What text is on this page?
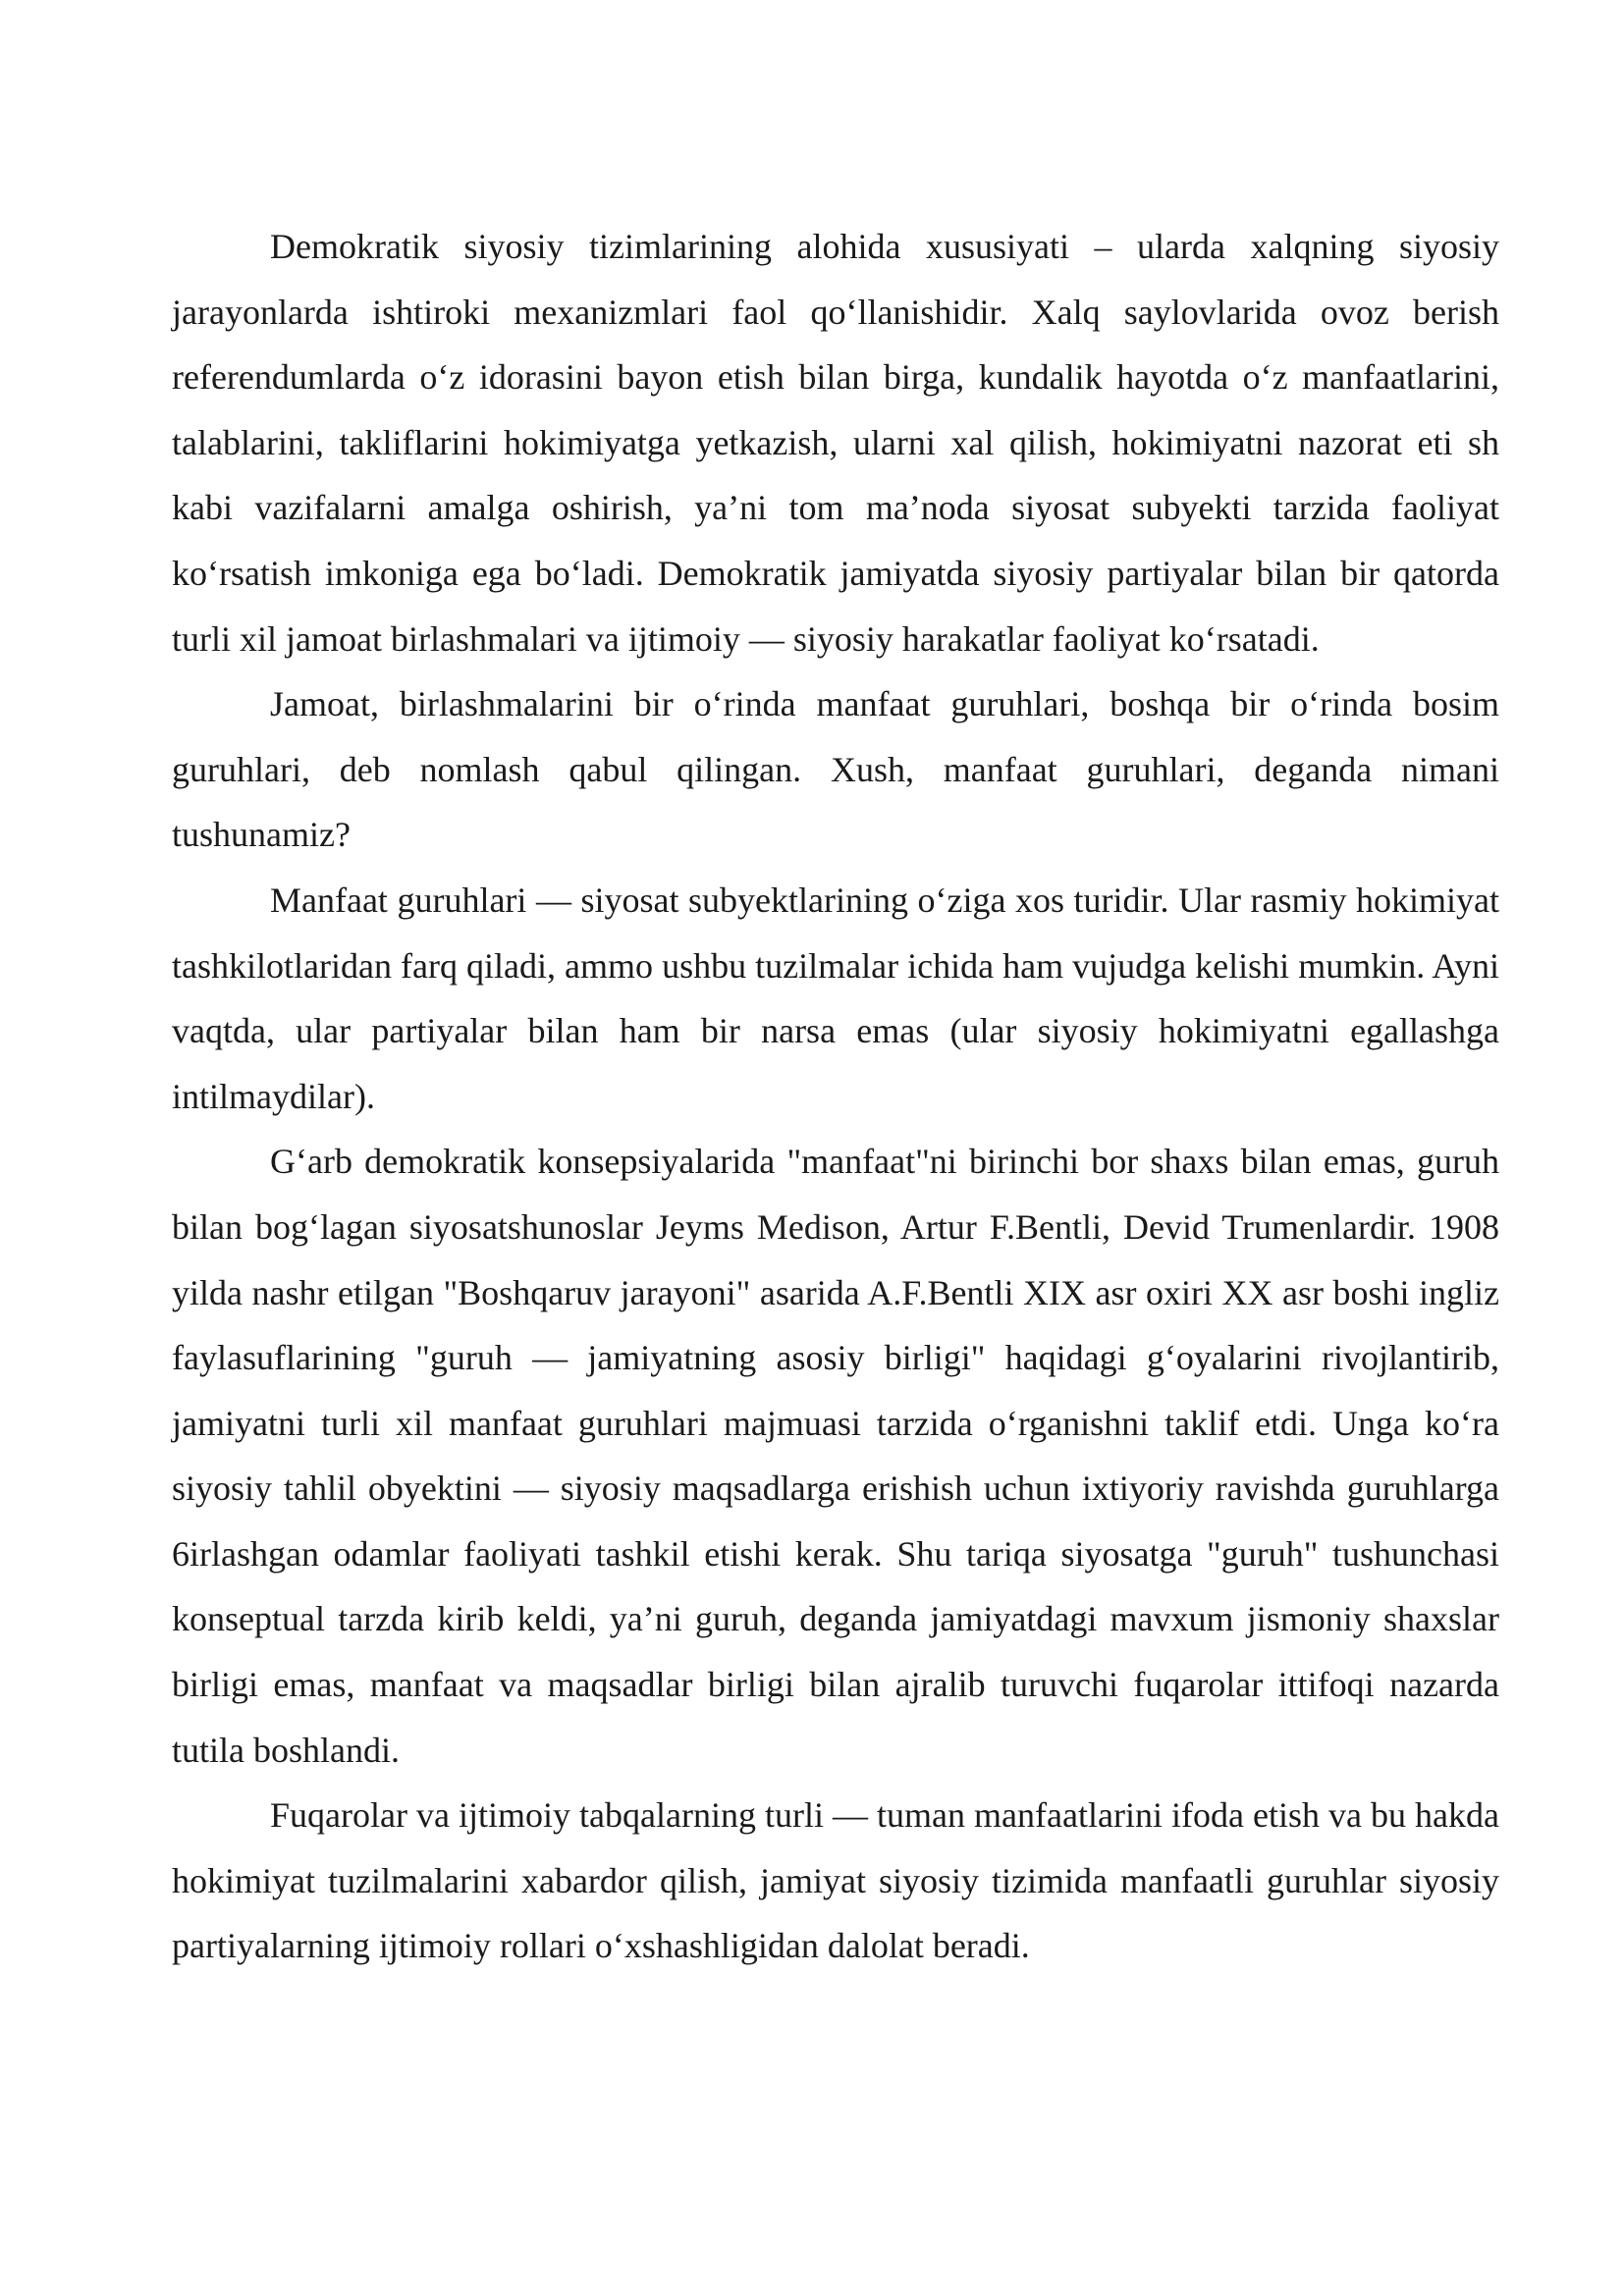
Demokratik siyosiy tizimlarining alohida xususiyati – ularda xalqning siyosiy jarayonlarda ishtiroki mexanizmlari faol qo‘llanishidir. Xalq saylovlarida ovoz berish referendumlarda o‘z idorasini bayon etish bilan birga, kundalik hayotda o‘z manfaatlarini, talablarini, takliflarini hokimiyatga yetkazish, ularni xal qilish, hokimiyatni nazorat eti sh kabi vazifalarni amalga oshirish, ya’ni tom ma’noda siyosat subyekti tarzida faoliyat ko‘rsatish imkoniga ega bo‘ladi. Demokratik jamiyatda siyosiy partiyalar bilan bir qatorda turli xil jamoat birlashmalari va ijtimoiy — siyosiy harakatlar faoliyat ko‘rsatadi.

Jamoat, birlashmalarini bir o‘rinda manfaat guruhlari, boshqa bir o‘rinda bosim guruhlari, deb nomlash qabul qilingan. Xush, manfaat guruhlari, deganda nimani tushunamiz?

Manfaat guruhlari — siyosat subyektlarining o‘ziga xos turidir. Ular rasmiy hokimiyat tashkilotlaridan farq qiladi, ammo ushbu tuzilmalar ichida ham vujudga kelishi mumkin. Ayni vaqtda, ular partiyalar bilan ham bir narsa emas (ular siyosiy hokimiyatni egallashga intilmaydilar).

G‘arb demokratik konsepsiyalarida "manfaat"ni birinchi bor shaxs bilan emas, guruh bilan bog‘lagan siyosatshunoslar Jeyms Medison, Artur F.Bentli, Devid Trumenlardir. 1908 yilda nashr etilgan "Boshqaruv jarayoni" asarida A.F.Bentli XIX asr oxiri XX asr boshi ingliz faylasuflarining "guruh — jamiyatning asosiy birligi" haqidagi g‘oyalarini rivojlantirib, jamiyatni turli xil manfaat guruhlari majmuasi tarzida o‘rganishni taklif etdi. Unga ko‘ra siyosiy tahlil obyektini — siyosiy maqsadlarga erishish uchun ixtiyoriy ravishda guruhlarga 6irlashgan odamlar faoliyati tashkil etishi kerak. Shu tariqa siyosatga "guruh" tushunchasi konseptual tarzda kirib keldi, ya’ni guruh, deganda jamiyatdagi mavxum jismoniy shaxslar birligi emas, manfaat va maqsadlar birligi bilan ajralib turuvchi fuqarolar ittifoqi nazarda tutila boshlandi.

Fuqarolar va ijtimoiy tabqalarning turli — tuman manfaatlarini ifoda etish va bu hakda hokimiyat tuzilmalarini xabardor qilish, jamiyat siyosiy tizimida manfaatli guruhlar siyosiy partiyalarning ijtimoiy rollari o‘xshashligidan dalolat beradi.
